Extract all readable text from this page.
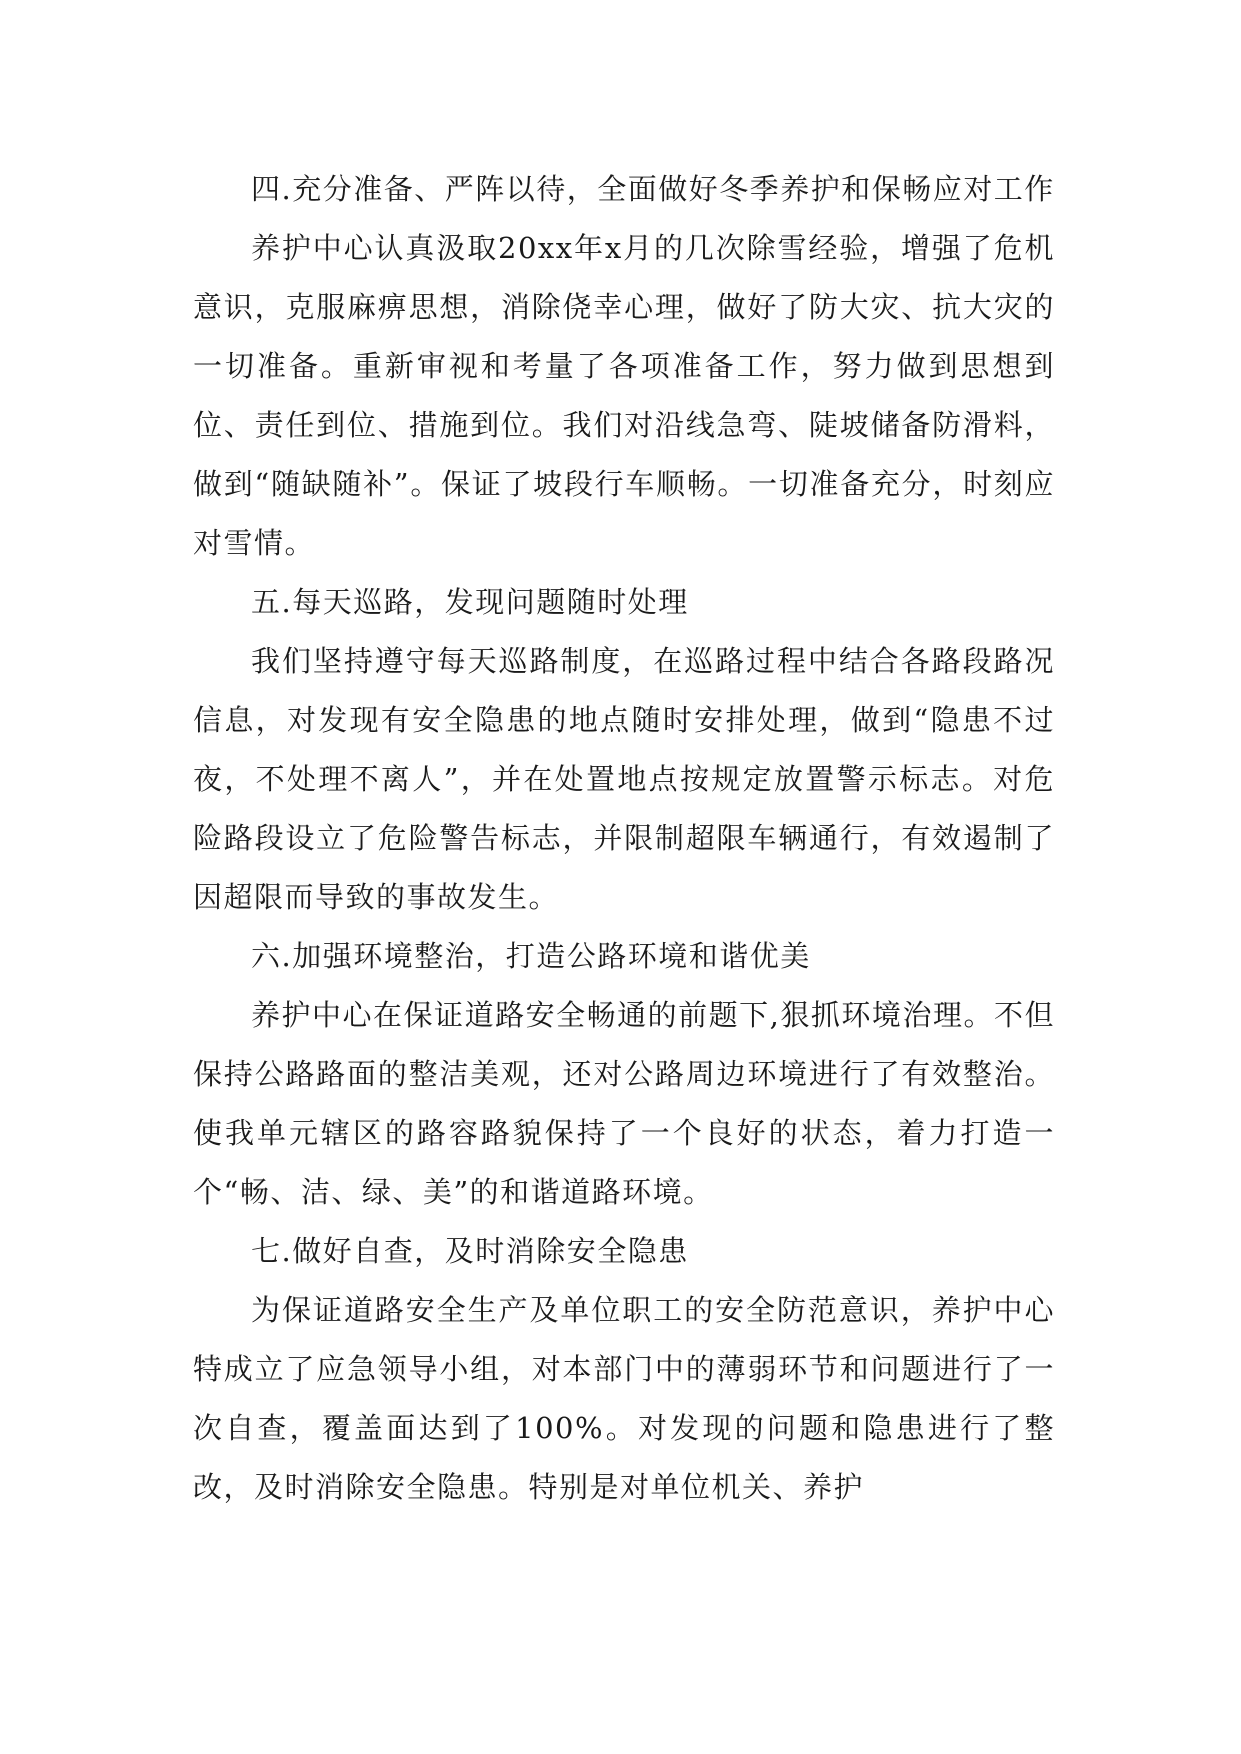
四.充分准备、严阵以待，全面做好冬季养护和保畅应对工作

养护中心认真汲取20xx年x月的几次除雪经验，增强了危机意识，克服麻痹思想，消除侥幸心理，做好了防大灾、抗大灾的一切准备。重新审视和考量了各项准备工作，努力做到思想到位、责任到位、措施到位。我们对沿线急弯、陡坡储备防滑料，做到“随缺随补”。保证了坡段行车顺畅。一切准备充分，时刻应对雪情。

五.每天巡路，发现问题随时处理

我们坚持遵守每天巡路制度，在巡路过程中结合各路段路况信息，对发现有安全隐患的地点随时安排处理，做到“隐患不过夜，不处理不离人”，并在处置地点按规定放置警示标志。对危险路段设立了危险警告标志，并限制超限车辆通行，有效遏制了因超限而导致的事故发生。

六.加强环境整治，打造公路环境和谐优美

养护中心在保证道路安全畅通的前题下,狠抓环境治理。不但保持公路路面的整洁美观，还对公路周边环境进行了有效整治。使我单元辖区的路容路貌保持了一个良好的状态，着力打造一个“畅、洁、绿、美”的和谐道路环境。

七.做好自查，及时消除安全隐患

为保证道路安全生产及单位职工的安全防范意识，养护中心特成立了应急领导小组，对本部门中的薄弱环节和问题进行了一次自查，覆盖面达到了100%。对发现的问题和隐患进行了整改，及时消除安全隐患。特别是对单位机关、养护
